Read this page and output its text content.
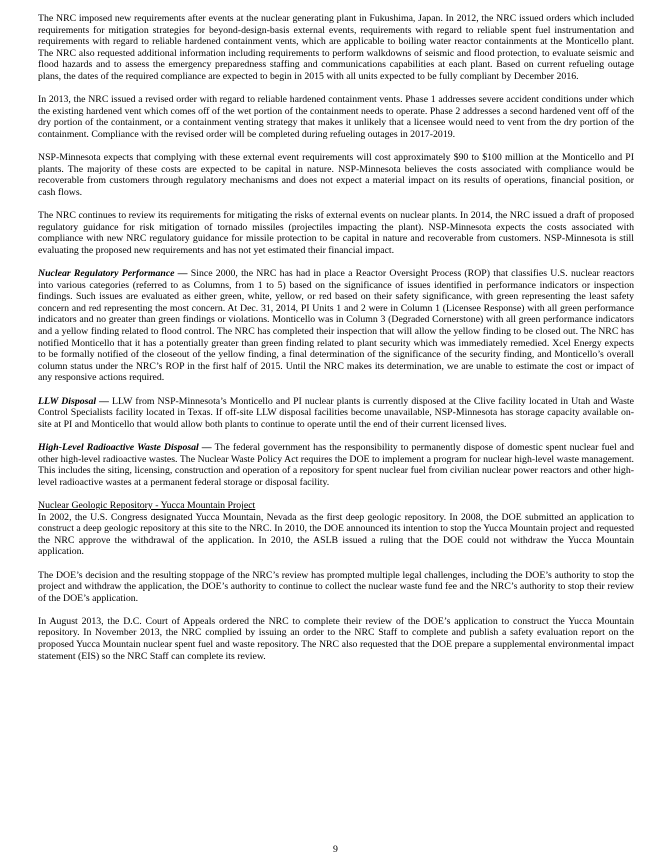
The NRC imposed new requirements after events at the nuclear generating plant in Fukushima, Japan. In 2012, the NRC issued orders which included requirements for mitigation strategies for beyond-design-basis external events, requirements with regard to reliable spent fuel instrumentation and requirements with regard to reliable hardened containment vents, which are applicable to boiling water reactor containments at the Monticello plant. The NRC also requested additional information including requirements to perform walkdowns of seismic and flood protection, to evaluate seismic and flood hazards and to assess the emergency preparedness staffing and communications capabilities at each plant. Based on current refueling outage plans, the dates of the required compliance are expected to begin in 2015 with all units expected to be fully compliant by December 2016.

In 2013, the NRC issued a revised order with regard to reliable hardened containment vents. Phase 1 addresses severe accident conditions under which the existing hardened vent which comes off of the wet portion of the containment needs to operate. Phase 2 addresses a second hardened vent off of the dry portion of the containment, or a containment venting strategy that makes it unlikely that a licensee would need to vent from the dry portion of the containment. Compliance with the revised order will be completed during refueling outages in 2017-2019.

NSP-Minnesota expects that complying with these external event requirements will cost approximately $90 to $100 million at the Monticello and PI plants. The majority of these costs are expected to be capital in nature. NSP-Minnesota believes the costs associated with compliance would be recoverable from customers through regulatory mechanisms and does not expect a material impact on its results of operations, financial position, or cash flows.

The NRC continues to review its requirements for mitigating the risks of external events on nuclear plants. In 2014, the NRC issued a draft of proposed regulatory guidance for risk mitigation of tornado missiles (projectiles impacting the plant). NSP-Minnesota expects the costs associated with compliance with new NRC regulatory guidance for missile protection to be capital in nature and recoverable from customers. NSP-Minnesota is still evaluating the proposed new requirements and has not yet estimated their financial impact.

Nuclear Regulatory Performance — Since 2000, the NRC has had in place a Reactor Oversight Process (ROP) that classifies U.S. nuclear reactors into various categories (referred to as Columns, from 1 to 5) based on the significance of issues identified in performance indicators or inspection findings. Such issues are evaluated as either green, white, yellow, or red based on their safety significance, with green representing the least safety concern and red representing the most concern. At Dec. 31, 2014, PI Units 1 and 2 were in Column 1 (Licensee Response) with all green performance indicators and no greater than green findings or violations. Monticello was in Column 3 (Degraded Cornerstone) with all green performance indicators and a yellow finding related to flood control. The NRC has completed their inspection that will allow the yellow finding to be closed out. The NRC has notified Monticello that it has a potentially greater than green finding related to plant security which was immediately remedied. Xcel Energy expects to be formally notified of the closeout of the yellow finding, a final determination of the significance of the security finding, and Monticello’s overall column status under the NRC’s ROP in the first half of 2015. Until the NRC makes its determination, we are unable to estimate the cost or impact of any responsive actions required.

LLW Disposal — LLW from NSP-Minnesota’s Monticello and PI nuclear plants is currently disposed at the Clive facility located in Utah and Waste Control Specialists facility located in Texas. If off-site LLW disposal facilities become unavailable, NSP-Minnesota has storage capacity available on-site at PI and Monticello that would allow both plants to continue to operate until the end of their current licensed lives.

High-Level Radioactive Waste Disposal — The federal government has the responsibility to permanently dispose of domestic spent nuclear fuel and other high-level radioactive wastes. The Nuclear Waste Policy Act requires the DOE to implement a program for nuclear high-level waste management. This includes the siting, licensing, construction and operation of a repository for spent nuclear fuel from civilian nuclear power reactors and other high-level radioactive wastes at a permanent federal storage or disposal facility.

Nuclear Geologic Repository - Yucca Mountain Project
In 2002, the U.S. Congress designated Yucca Mountain, Nevada as the first deep geologic repository. In 2008, the DOE submitted an application to construct a deep geologic repository at this site to the NRC. In 2010, the DOE announced its intention to stop the Yucca Mountain project and requested the NRC approve the withdrawal of the application. In 2010, the ASLB issued a ruling that the DOE could not withdraw the Yucca Mountain application.

The DOE’s decision and the resulting stoppage of the NRC’s review has prompted multiple legal challenges, including the DOE’s authority to stop the project and withdraw the application, the DOE’s authority to continue to collect the nuclear waste fund fee and the NRC’s authority to stop their review of the DOE’s application.

In August 2013, the D.C. Court of Appeals ordered the NRC to complete their review of the DOE’s application to construct the Yucca Mountain repository. In November 2013, the NRC complied by issuing an order to the NRC Staff to complete and publish a safety evaluation report on the proposed Yucca Mountain nuclear spent fuel and waste repository. The NRC also requested that the DOE prepare a supplemental environmental impact statement (EIS) so the NRC Staff can complete its review.

9
